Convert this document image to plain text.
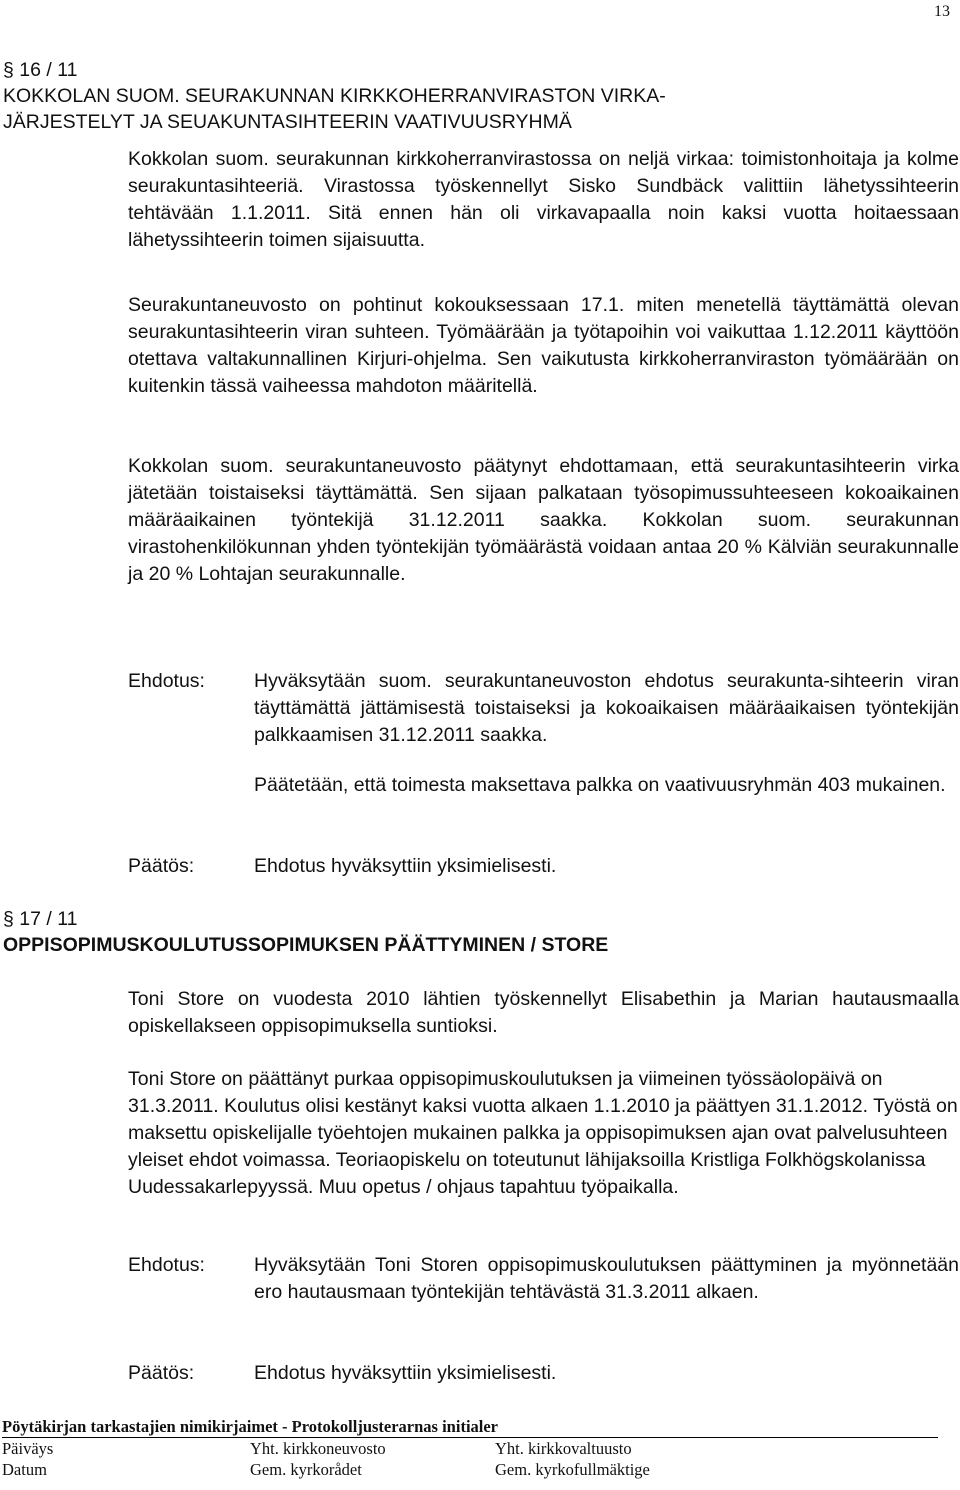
13
§ 16 / 11
KOKKOLAN SUOM. SEURAKUNNAN KIRKKOHERRANVIRASTON VIRKA-
JÄRJESTELYT JA SEUAKUNTASIHTEERIN VAATIVUUSRYHMÄ

Kokkolan suom. seurakunnan kirkkoherranvirastossa on neljä virkaa: toimistonhoitaja ja kolme seurakuntasihteeriä. Virastossa työskennellyt Sisko Sundbäck valittiin lähetyssihteerin tehtävään 1.1.2011. Sitä ennen hän oli virkavapaalla noin kaksi vuotta hoitaessaan lähetyssihteerin toimen sijaisuutta.

Seurakuntaneuvosto on pohtinut kokouksessaan 17.1. miten menetellä täyttämättä olevan seurakuntasihteerin viran suhteen. Työmäärään ja työtapoihin voi vaikuttaa 1.12.2011 käyttöön otettava valtakunnallinen Kirjuri-ohjelma. Sen vaikutusta kirkkoherranviraston työmäärään on kuitenkin tässä vaiheessa mahdoton määritellä.

Kokkolan suom. seurakuntaneuvosto päätynyt ehdottamaan, että seurakuntasihteerin virka jätetään toistaiseksi täyttämättä. Sen sijaan palkataan työsopimussuhteeseen kokoaikainen määräaikainen työntekijä 31.12.2011 saakka. Kokkolan suom. seurakunnan virastohenkilökunnan yhden työntekijän työmäärästä voidaan antaa 20 % Kälviän seurakunnalle ja 20 % Lohtajan seurakunnalle.

Ehdotus:	Hyväksytään suom. seurakuntaneuvoston ehdotus seurakunta-sihteerin viran täyttämättä jättämisestä toistaiseksi ja kokoaikaisen määräaikaisen työntekijän palkkaamisen 31.12.2011 saakka.

Päätetään, että toimesta maksettava palkka on vaativuusryhmän 403 mukainen.

Päätös:	Ehdotus hyväksyttiin yksimielisesti.

§ 17 / 11
OPPISOPIMUSKOULUTUSSOPIMUKSEN PÄÄTTYMINEN / STORE

Toni Store on vuodesta 2010 lähtien työskennellyt Elisabethin ja Marian hautausmaalla opiskellakseen oppisopimuksella suntioksi.

Toni Store on päättänyt purkaa oppisopimuskoulutuksen ja viimeinen työssäolopäivä on 31.3.2011. Koulutus olisi kestänyt kaksi vuotta alkaen 1.1.2010 ja päättyen 31.1.2012. Työstä on maksettu opiskelijalle työehtojen mukainen palkka ja oppisopimuksen ajan ovat palvelusuhteen yleiset ehdot voimassa. Teoriaopiskelu on toteutunut lähijaksoilla Kristliga Folkhögskolanissa Uudessakarlepyyssä. Muu opetus / ohjaus tapahtuu työpaikalla.

Ehdotus:	Hyväksytään Toni Storen oppisopimuskoulutuksen päättyminen ja myönnetään ero hautausmaan työntekijän tehtävästä 31.3.2011 alkaen.

Päätös:	Ehdotus hyväksyttiin yksimielisesti.

Pöytäkirjan tarkastajien nimikirjaimet - Protokolljusterarnas initialer
Päiväys	Yht. kirkkoneuvosto	Yht. kirkkovaltuusto
Datum	Gem. kyrkorådet	Gem. kyrkofullmäktige
